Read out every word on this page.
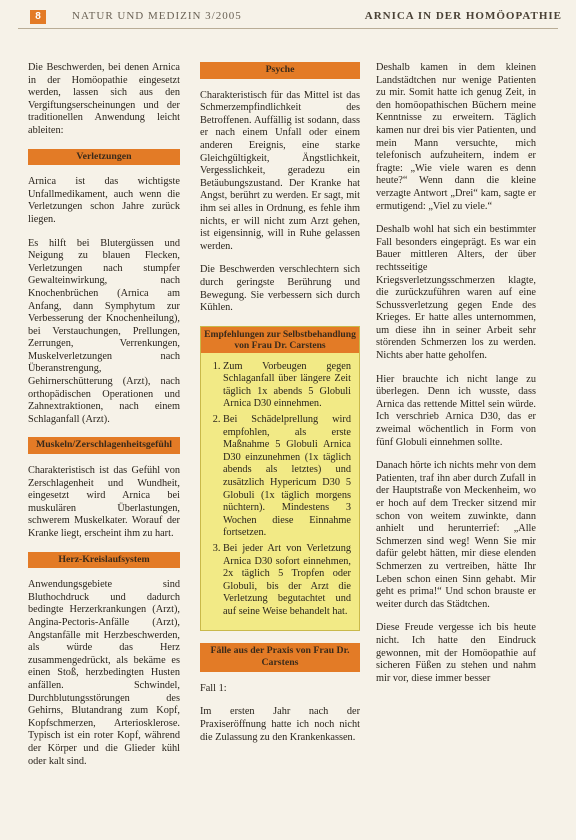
8	NATUR UND MEDIZIN 3/2005	ARNICA IN DER HOMÖOPATHIE

Die Beschwerden, bei denen Arnica in der Homöopathie eingesetzt werden, lassen sich aus den Vergiftungserscheinungen und der traditionellen Anwendung leicht ableiten:

Verletzungen

Arnica ist das wichtigste Unfallmedikament, auch wenn die Verletzungen schon Jahre zurück liegen.

Es hilft bei Blutergüssen und Neigung zu blauen Flecken, Verletzungen nach stumpfer Gewalteinwirkung, nach Knochenbrüchen (Arnica am Anfang, dann Symphytum zur Verbesserung der Knochenheilung), bei Verstauchungen, Prellungen, Zerrungen, Verrenkungen, Muskelverletzungen nach Überanstrengung, Gehirnerschütterung (Arzt), nach orthopädischen Operationen und Zahnextraktionen, nach einem Schlaganfall (Arzt).

Muskeln/Zerschlagenheitsgefühl

Charakteristisch ist das Gefühl von Zerschlagenheit und Wundheit, eingesetzt wird Arnica bei muskulären Überlastungen, schwerem Muskelkater. Worauf der Kranke liegt, erscheint ihm zu hart.

Herz-Kreislaufsystem

Anwendungsgebiete sind Bluthochdruck und dadurch bedingte Herzerkrankungen (Arzt), Angina-Pectoris-Anfälle (Arzt), Angstanfälle mit Herzbeschwerden, als würde das Herz zusammengedrückt, als bekäme es einen Stoß, herzbedingten Husten anfällen. Schwindel, Durchblutungsstörungen des Gehirns, Blutandrang zum Kopf, Kopfschmerzen, Arteriosklerose. Typisch ist ein roter Kopf, während der Körper und die Glieder kühl oder kalt sind.

Psyche

Charakteristisch für das Mittel ist das Schmerzempfindlichkeit des Betroffenen. Auffällig ist sodann, dass er nach einem Unfall oder einem anderen Ereignis, eine starke Gleichgültigkeit, Ängstlichkeit, Vergesslichkeit, geradezu ein Betäubungszustand. Der Kranke hat Angst, berührt zu werden. Er sagt, mit ihm sei alles in Ordnung, es fehle ihm nichts, er will nicht zum Arzt gehen, ist eigensinnig, will in Ruhe gelassen werden.

Die Beschwerden verschlechtern sich durch geringste Berührung und Bewegung. Sie verbessern sich durch Kühlen.

Empfehlungen zur Selbstbehandlung von Frau Dr. Carstens
1. Zum Vorbeugen gegen Schlaganfall über längere Zeit täglich 1x abends 5 Globuli Arnica D30 einnehmen.
2. Bei Schädelprellung wird empfohlen, als erste Maßnahme 5 Globuli Arnica D30 einzunehmen (1x täglich abends als letztes) und zusätzlich Hypericum D30 5 Globuli (1x täglich morgens nüchtern). Mindestens 3 Wochen diese Einnahme fortsetzen.
3. Bei jeder Art von Verletzung Arnica D30 sofort einnehmen, 2x täglich 5 Tropfen oder Globuli, bis der Arzt die Verletzung begutachtet und auf seine Weise behandelt hat.
Fälle aus der Praxis von Frau Dr. Carstens

Fall 1:

Im ersten Jahr nach der Praxiseröffnung hatte ich noch nicht die Zulassung zu den Krankenkassen.

Deshalb kamen in dem kleinen Landstädtchen nur wenige Patienten zu mir. Somit hatte ich genug Zeit, in den homöopathischen Büchern meine Kenntnisse zu erweitern. Täglich kamen nur drei bis vier Patienten, und mein Mann versuchte, mich telefonisch aufzuheitern, indem er fragte: „Wie viele waren es denn heute?“ Wenn dann die kleine verzagte Antwort „Drei“ kam, sagte er ermutigend: „Viel zu viele.“

Deshalb wohl hat sich ein bestimmter Fall besonders eingeprägt. Es war ein Bauer mittleren Alters, der über rechtsseitige Kriegsverletzungsschmerzen klagte, die zurückzuführen waren auf eine Schussverletzung gegen Ende des Krieges. Er hatte alles unternommen, um diese ihn in seiner Arbeit sehr störenden Schmerzen los zu werden. Nichts aber hatte geholfen.

Hier brauchte ich nicht lange zu überlegen. Denn ich wusste, dass Arnica das rettende Mittel sein würde. Ich verschrieb Arnica D30, das er zweimal wöchentlich in Form von fünf Globuli einnehmen sollte.

Danach hörte ich nichts mehr von dem Patienten, traf ihn aber durch Zufall in der Hauptstraße von Meckenheim, wo er hoch auf dem Trecker sitzend mir schon von weitem zuwinkte, dann anhielt und herunterrief: „Alle Schmerzen sind weg! Wenn Sie mir dafür gelebt hätten, mir diese elenden Schmerzen zu vertreiben, hätte Ihr Leben schon einen Sinn gehabt. Mir geht es prima!“ Und schon brauste er weiter durch das Städtchen.

Diese Freude vergesse ich bis heute nicht. Ich hatte den Eindruck gewonnen, mit der Homöopathie auf sicheren Füßen zu stehen und nahm mir vor, diese immer besser
